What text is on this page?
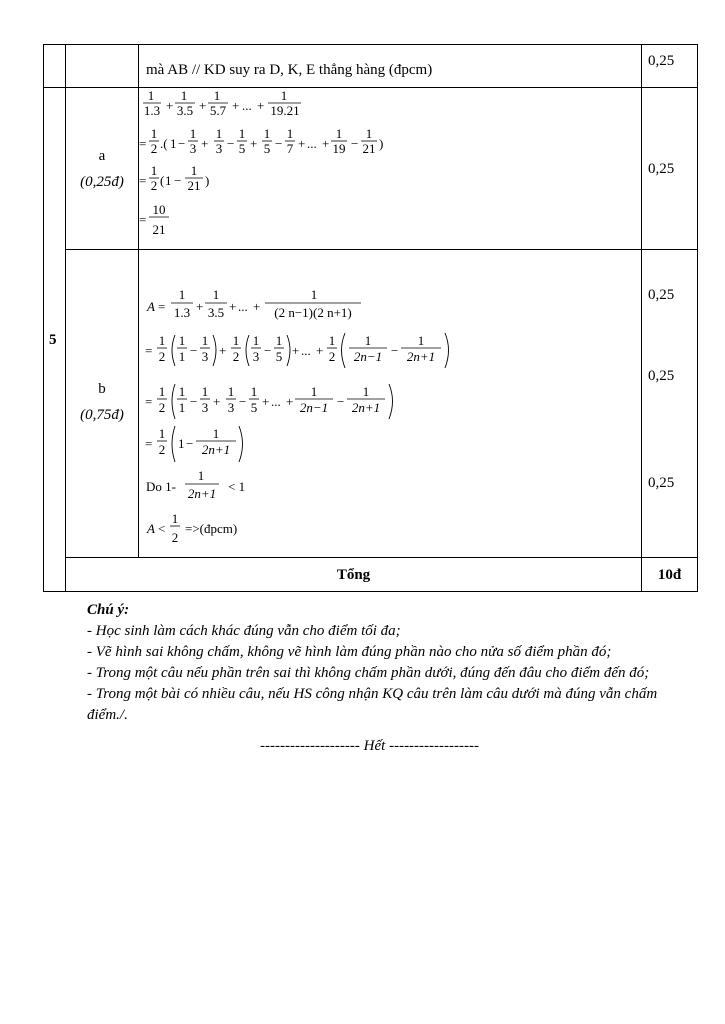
mà AB // KD suy ra D, K, E thẳng hàng (đpcm)
0,25
5
a
(0,25đ)
0,25
1
1.3 +
1
3.5 +
1
5.7 + ... +
1
19.21
=
1
2 .( 1 −
1
3 +
1
3 −
1
5 +
1
5 −
1
7 + ... +
1
19 −
1
21 )
=
1
2 ( 1 −
1
21 )
=
10
21
b
(0,75đ)
0,25
0,25
0,25
A =
1
1.3 +
1
3.5 + ... +
1
(2 n−1)(2 n+1)
=
1
2
1
1 −
1
3 +
1
2
1
3 −
1
5 + ... +
1
2
1
2n−1 −
1
2n+1
=
1
2
1
1 −
1
3 +
1
3 −
1
5 + ... +
1
2n−1 −
1
2n+1
=
1
2 1 −
1
2n+1
Do 1-
1
2n+1 < 1
A <
1
2
=>(đpcm)
Tổng	10đ
Chú ý:
- Học sinh làm cách khác đúng vẫn cho điểm tối đa;
- Vẽ hình sai không chấm, không vẽ hình làm đúng phần nào cho nửa số điểm phần đó;
- Trong một câu nếu phần trên sai thì không chấm phần dưới, đúng đến đâu cho điểm đến đó;
- Trong một bài có nhiều câu, nếu HS công nhận KQ câu trên làm câu dưới mà đúng vẫn chấm điểm./.
-------------------- Hết ------------------
